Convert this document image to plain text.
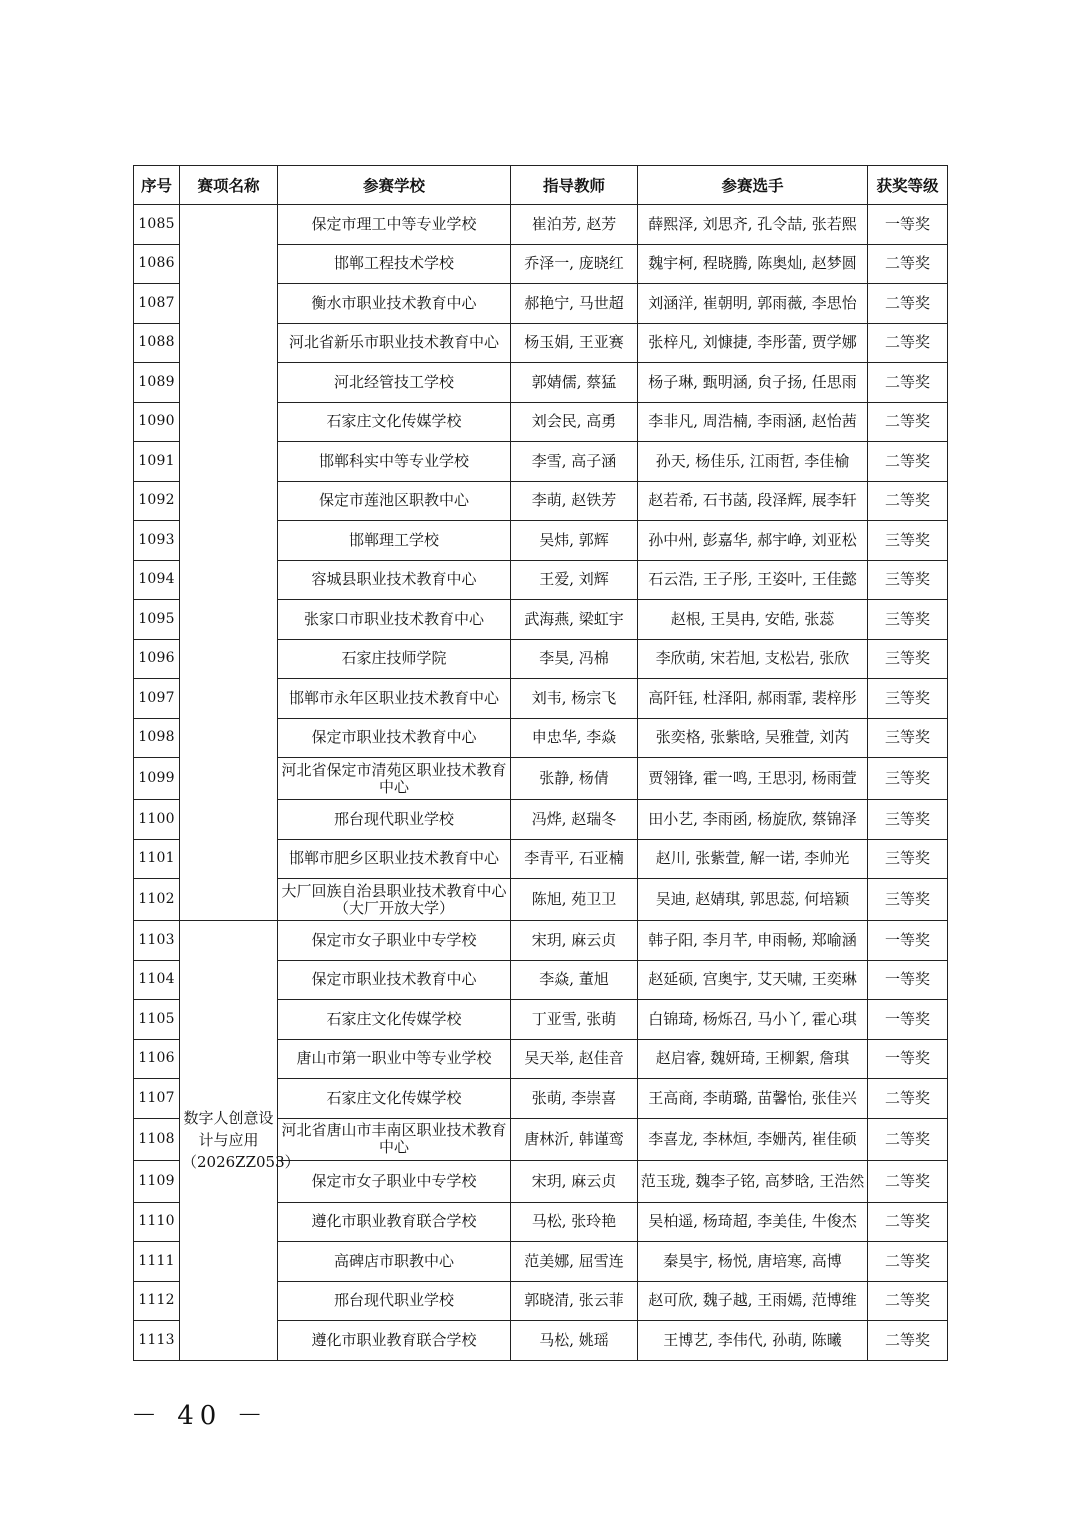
序号	赛项名称	参赛学校	指导教师	参赛选手	获奖等级
1085		保定市理工中等专业学校	崔泊芳, 赵芳	薛熙泽, 刘思齐, 孔令喆, 张若熙	一等奖
1086		邯郸工程技术学校	乔泽一, 庞晓红	魏宇柯, 程晓腾, 陈奥灿, 赵梦圆	二等奖
1087		衡水市职业技术教育中心	郝艳宁, 马世超	刘涵洋, 崔朝明, 郭雨薇, 李思怡	二等奖
1088		河北省新乐市职业技术教育中心	杨玉娟, 王亚赛	张梓凡, 刘慷捷, 李彤蕾, 贾学娜	二等奖
1089		河北经管技工学校	郭婧儒, 蔡猛	杨子琳, 甄明涵, 贠子扬, 任思雨	二等奖
1090		石家庄文化传媒学校	刘会民, 高勇	李非凡, 周浩楠, 李雨涵, 赵怡茜	二等奖
1091		邯郸科实中等专业学校	李雪, 高子涵	孙天, 杨佳乐, 江雨哲, 李佳榆	二等奖
1092		保定市莲池区职教中心	李萌, 赵铁芳	赵若希, 石书菡, 段泽辉, 展李轩	二等奖
1093		邯郸理工学校	吴炜, 郭辉	孙中州, 彭嘉华, 郝宇峥, 刘亚松	三等奖
1094		容城县职业技术教育中心	王爱, 刘辉	石云浩, 王子彤, 王姿叶, 王佳懿	三等奖
1095		张家口市职业技术教育中心	武海燕, 梁虹宇	赵根, 王昊冉, 安皓, 张蕊	三等奖
1096		石家庄技师学院	李昊, 冯棉	李欣萌, 宋若旭, 支松岩, 张欣	三等奖
1097		邯郸市永年区职业技术教育中心	刘韦, 杨宗飞	高阡钰, 杜泽阳, 郝雨霏, 裴梓彤	三等奖
1098		保定市职业技术教育中心	申忠华, 李焱	张奕格, 张紫晗, 吴雅萱, 刘芮	三等奖
1099		河北省保定市清苑区职业技术教育中心	张静, 杨倩	贾翎锋, 霍一鸣, 王思羽, 杨雨萱	三等奖
1100		邢台现代职业学校	冯烨, 赵瑞冬	田小艺, 李雨函, 杨旋欣, 蔡锦泽	三等奖
1101		邯郸市肥乡区职业技术教育中心	李青平, 石亚楠	赵川, 张紫萱, 解一诺, 李帅光	三等奖
1102		大厂回族自治县职业技术教育中心（大厂开放大学）	陈旭, 苑卫卫	吴迪, 赵婧琪, 郭思蕊, 何培颖	三等奖
1103	数字人创意设计与应用（2026ZZ053）	保定市女子职业中专学校	宋玥, 麻云贞	韩子阳, 李月芊, 申雨畅, 郑喻涵	一等奖
1104		保定市职业技术教育中心	李焱, 董旭	赵延硕, 宫奥宇, 艾天啸, 王奕琳	一等奖
1105		石家庄文化传媒学校	丁亚雪, 张萌	白锦琦, 杨烁召, 马小丫, 霍心琪	一等奖
1106		唐山市第一职业中等专业学校	吴天举, 赵佳音	赵启睿, 魏妍琦, 王柳絮, 詹琪	一等奖
1107		石家庄文化传媒学校	张萌, 李崇喜	王高商, 李萌璐, 苗馨怡, 张佳兴	二等奖
1108		河北省唐山市丰南区职业技术教育中心	唐林沂, 韩谨鸾	李喜龙, 李林烜, 李姗芮, 崔佳硕	二等奖
1109		保定市女子职业中专学校	宋玥, 麻云贞	范玉珑, 魏李子铭, 高梦晗, 王浩然	二等奖
1110		遵化市职业教育联合学校	马松, 张玲艳	吴柏遥, 杨琦超, 李美佳, 牛俊杰	二等奖
1111		高碑店市职教中心	范美娜, 屈雪连	秦昊宇, 杨悦, 唐培寒, 高博	二等奖
1112		邢台现代职业学校	郭晓清, 张云菲	赵可欣, 魏子越, 王雨嫣, 范博维	二等奖
1113		遵化市职业教育联合学校	马松, 姚瑶	王博艺, 李伟代, 孙萌, 陈曦	二等奖
－ 40 －
